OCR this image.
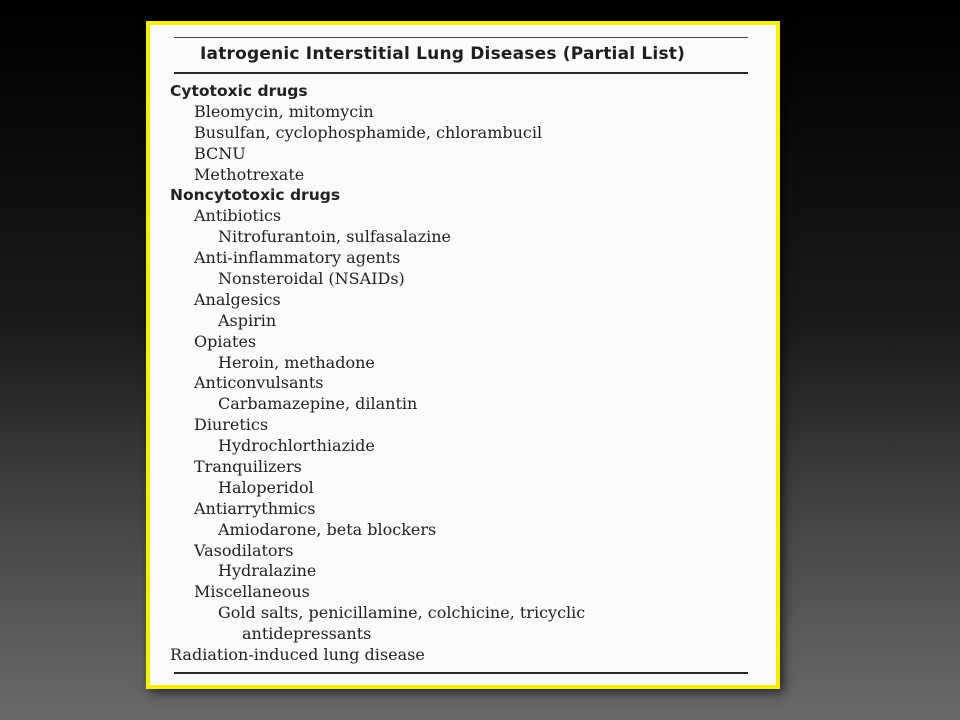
Iatrogenic Interstitial Lung Diseases (Partial List)
Cytotoxic drugs
Bleomycin, mitomycin
Busulfan, cyclophosphamide, chlorambucil
BCNU
Methotrexate
Noncytotoxic drugs
Antibiotics
Nitrofurantoin, sulfasalazine
Anti-inflammatory agents
Nonsteroidal (NSAIDs)
Analgesics
Aspirin
Opiates
Heroin, methadone
Anticonvulsants
Carbamazepine, dilantin
Diuretics
Hydrochlorthiazide
Tranquilizers
Haloperidol
Antiarrythmics
Amiodarone, beta blockers
Vasodilators
Hydralazine
Miscellaneous
Gold salts, penicillamine, colchicine, tricyclic
antidepressants
Radiation-induced lung disease
